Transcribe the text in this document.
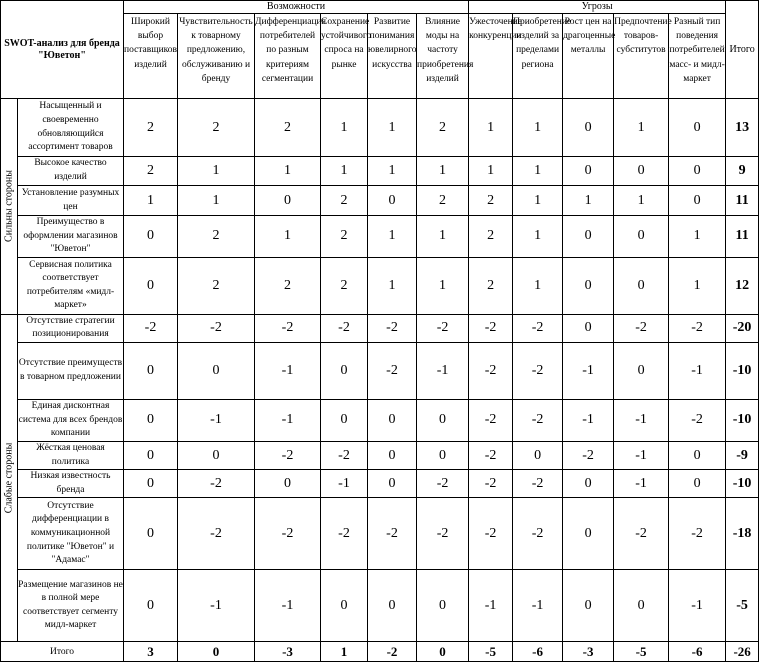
SWOT-анализ для бренда "Юветон"		Возможности						Угрозы					Итого

		Широкий выбор поставщиков изделий	Чувствительность к товарному предложению, обслуживанию и бренду	Дифференциация потребителей по разным критериям сегментации	Сохранение устойчивого спроса на рынке	Развитие понимания ювелирного искусства	Влияние моды на частоту приобретения изделий	Ужесточение конкуренции	Приобретение изделий за пределами региона	Рост цен на драгоценные металлы	Предпочтение товаров-субститутов	Разный тип поведения потребителей масс- и мидл-маркет	

Сильны стороны	Насыщенный и своевременно обновляющийся ассортимент товаров	2	2	2	1	1	2	1	1	0	1	0	13

	Высокое качество изделий	2	1	1	1	1	1	1	1	0	0	0	9

	Установление разумных цен	1	1	0	2	0	2	2	1	1	1	0	11

	Преимущество в оформлении магазинов "Юветон"	0	2	1	2	1	1	2	1	0	0	1	11

	Сервисная политика соответствует потребителям «мидл-маркет»	0	2	2	2	1	1	2	1	0	0	1	12

Слабые стороны	Отсутствие стратегии позиционирования	-2	-2	-2	-2	-2	-2	-2	-2	0	-2	-2	-20

	Отсутствие преимуществ в товарном предложении	0	0	-1	0	-2	-1	-2	-2	-1	0	-1	-10

	Единая дисконтная система для всех брендов компании	0	-1	-1	0	0	0	-2	-2	-1	-1	-2	-10

	Жёсткая ценовая политика	0	0	-2	-2	0	0	-2	0	-2	-1	0	-9

	Низкая известность бренда	0	-2	0	-1	0	-2	-2	-2	0	-1	0	-10

	Отсутствие дифференциации в коммуникационной политике "Юветон" и "Адамас"	0	-2	-2	-2	-2	-2	-2	-2	0	-2	-2	-18

	Размещение магазинов не в полной мере соответствует сегменту мидл-маркет	0	-1	-1	0	0	0	-1	-1	0	0	-1	-5
Итого		3	0	-3	1	-2	0	-5	-6	-3	-5	-6	-26
